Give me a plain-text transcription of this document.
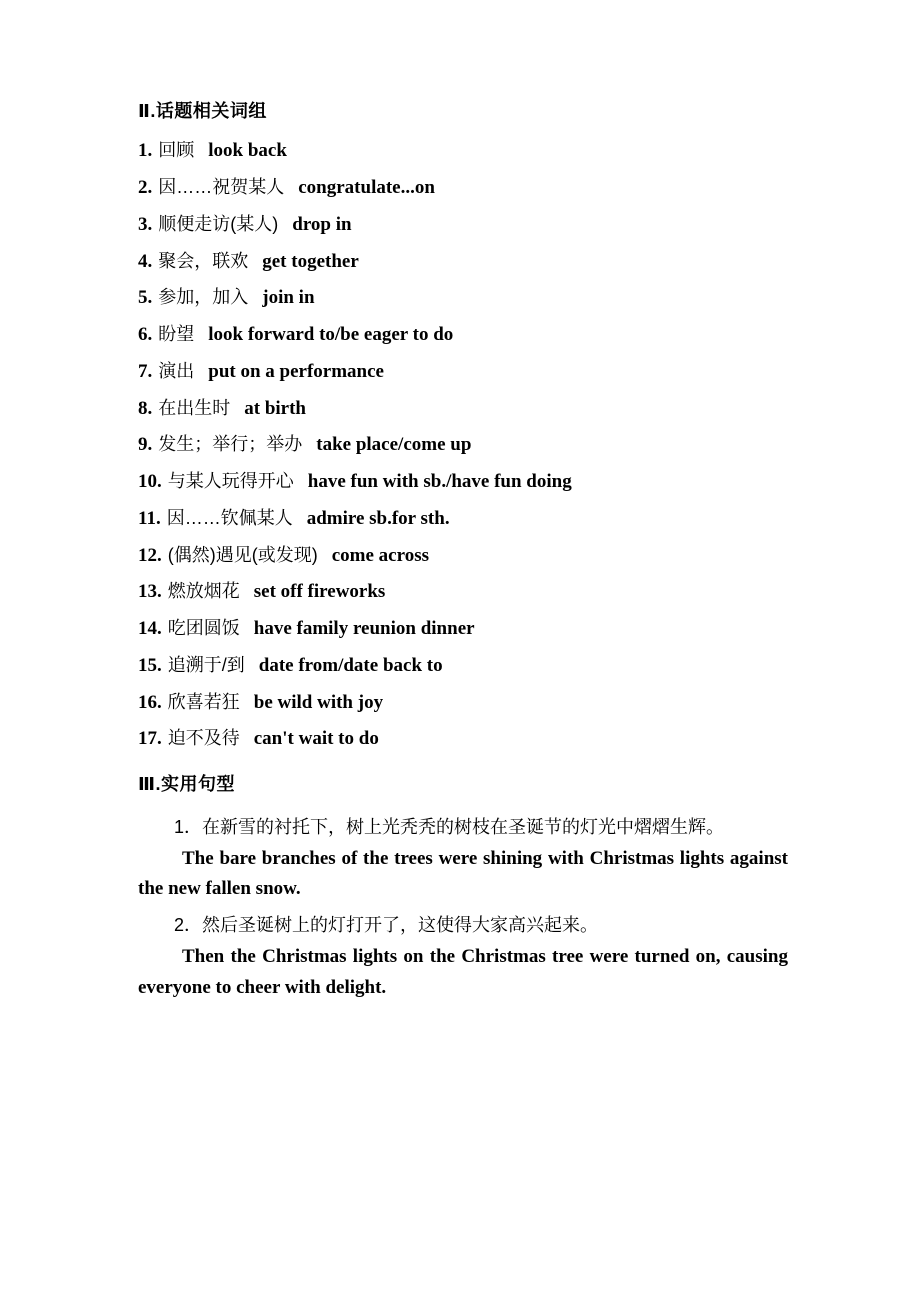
Ⅱ.话题相关词组
1. 回顾 look back
2. 因……祝贺某人 congratulate...on
3. 顺便走访(某人) drop in
4. 聚会，联欢 get together
5. 参加，加入 join in
6. 盼望 look forward to/be eager to do
7. 演出 put on a performance
8. 在出生时 at birth
9. 发生；举行；举办 take place/come up
10. 与某人玩得开心 have fun with sb./have fun doing
11. 因……钦佩某人 admire sb.for sth.
12. (偶然)遇见(或发现) come across
13. 燃放烟花 set off fireworks
14. 吃团圆饭 have family reunion dinner
15. 追溯于/到 date from/date back to
16. 欣喜若狂 be wild with joy
17. 迫不及待 can't wait to do
Ⅲ.实用句型

1．在新雪的衬托下，树上光秃秃的树枝在圣诞节的灯光中熠熠生辉。

The bare branches of the trees were shining with Christmas lights against the new fallen snow.

2．然后圣诞树上的灯打开了，这使得大家高兴起来。

Then the Christmas lights on the Christmas tree were turned on, causing everyone to cheer with delight.
